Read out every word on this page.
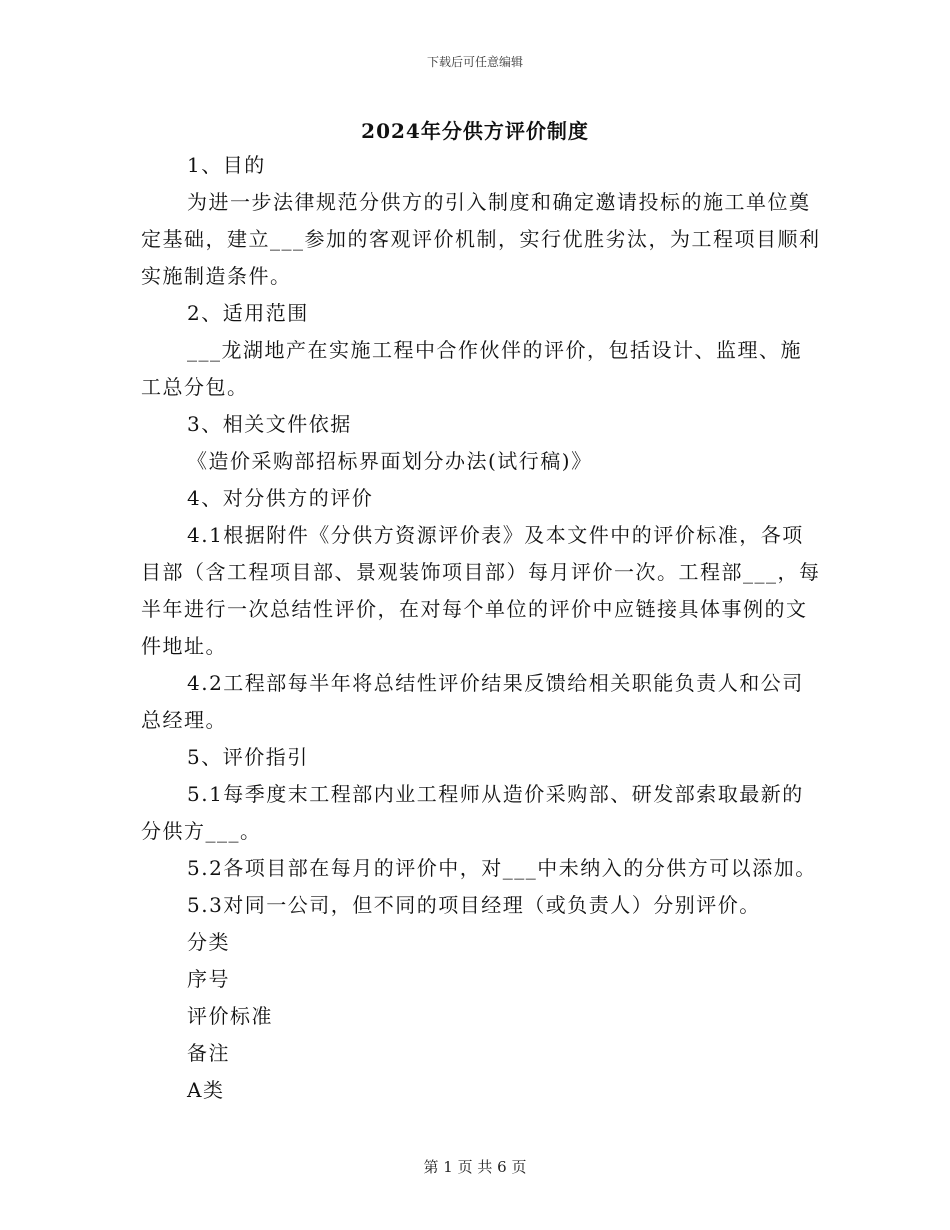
下载后可任意编辑
2024年分供方评价制度

1、目的

为进一步法律规范分供方的引入制度和确定邀请投标的施工单位奠定基础，建立___参加的客观评价机制，实行优胜劣汰，为工程项目顺利实施制造条件。

2、适用范围

___龙湖地产在实施工程中合作伙伴的评价，包括设计、监理、施工总分包。

3、相关文件依据

《造价采购部招标界面划分办法(试行稿)》

4、对分供方的评价

4.1根据附件《分供方资源评价表》及本文件中的评价标准，各项目部（含工程项目部、景观装饰项目部）每月评价一次。工程部___，每半年进行一次总结性评价，在对每个单位的评价中应链接具体事例的文件地址。

4.2工程部每半年将总结性评价结果反馈给相关职能负责人和公司总经理。

5、评价指引

5.1每季度末工程部内业工程师从造价采购部、研发部索取最新的分供方___。

5.2各项目部在每月的评价中，对___中未纳入的分供方可以添加。

5.3对同一公司，但不同的项目经理（或负责人）分别评价。

分类

序号

评价标准

备注

A类

第 1 页 共 6 页
